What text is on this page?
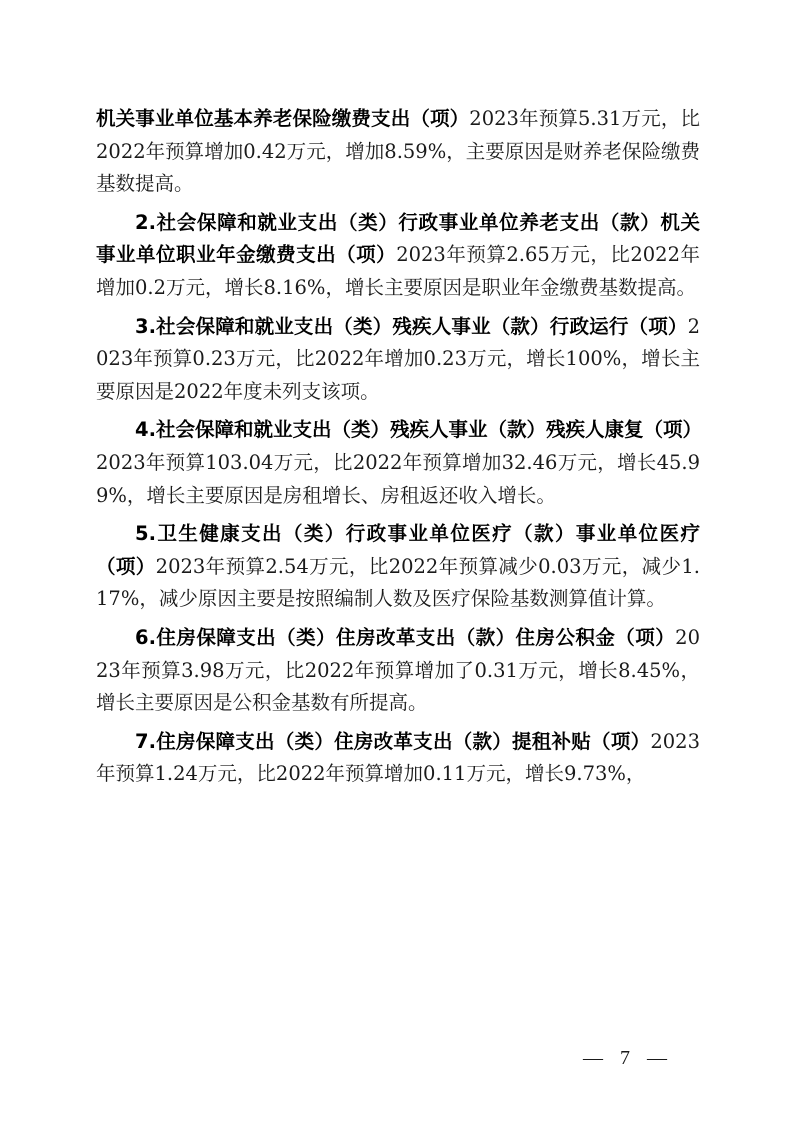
机关事业单位基本养老保险缴费支出（项）2023年预算5.31万元，比2022年预算增加0.42万元，增加8.59%，主要原因是财养老保险缴费基数提高。

2.社会保障和就业支出（类）行政事业单位养老支出（款）机关事业单位职业年金缴费支出（项）2023年预算2.65万元，比2022年增加0.2万元，增长8.16%，增长主要原因是职业年金缴费基数提高。

3.社会保障和就业支出（类）残疾人事业（款）行政运行（项）2023年预算0.23万元，比2022年增加0.23万元，增长100%，增长主要原因是2022年度未列支该项。

4.社会保障和就业支出（类）残疾人事业（款）残疾人康复（项）2023年预算103.04万元，比2022年预算增加32.46万元，增长45.99%，增长主要原因是房租增长、房租返还收入增长。

5.卫生健康支出（类）行政事业单位医疗（款）事业单位医疗（项）2023年预算2.54万元，比2022年预算减少0.03万元，减少1.17%，减少原因主要是按照编制人数及医疗保险基数测算值计算。

6.住房保障支出（类）住房改革支出（款）住房公积金（项）2023年预算3.98万元，比2022年预算增加了0.31万元，增长8.45%，增长主要原因是公积金基数有所提高。

7.住房保障支出（类）住房改革支出（款）提租补贴（项）2023年预算1.24万元，比2022年预算增加0.11万元，增长9.73%，

— 7 —
